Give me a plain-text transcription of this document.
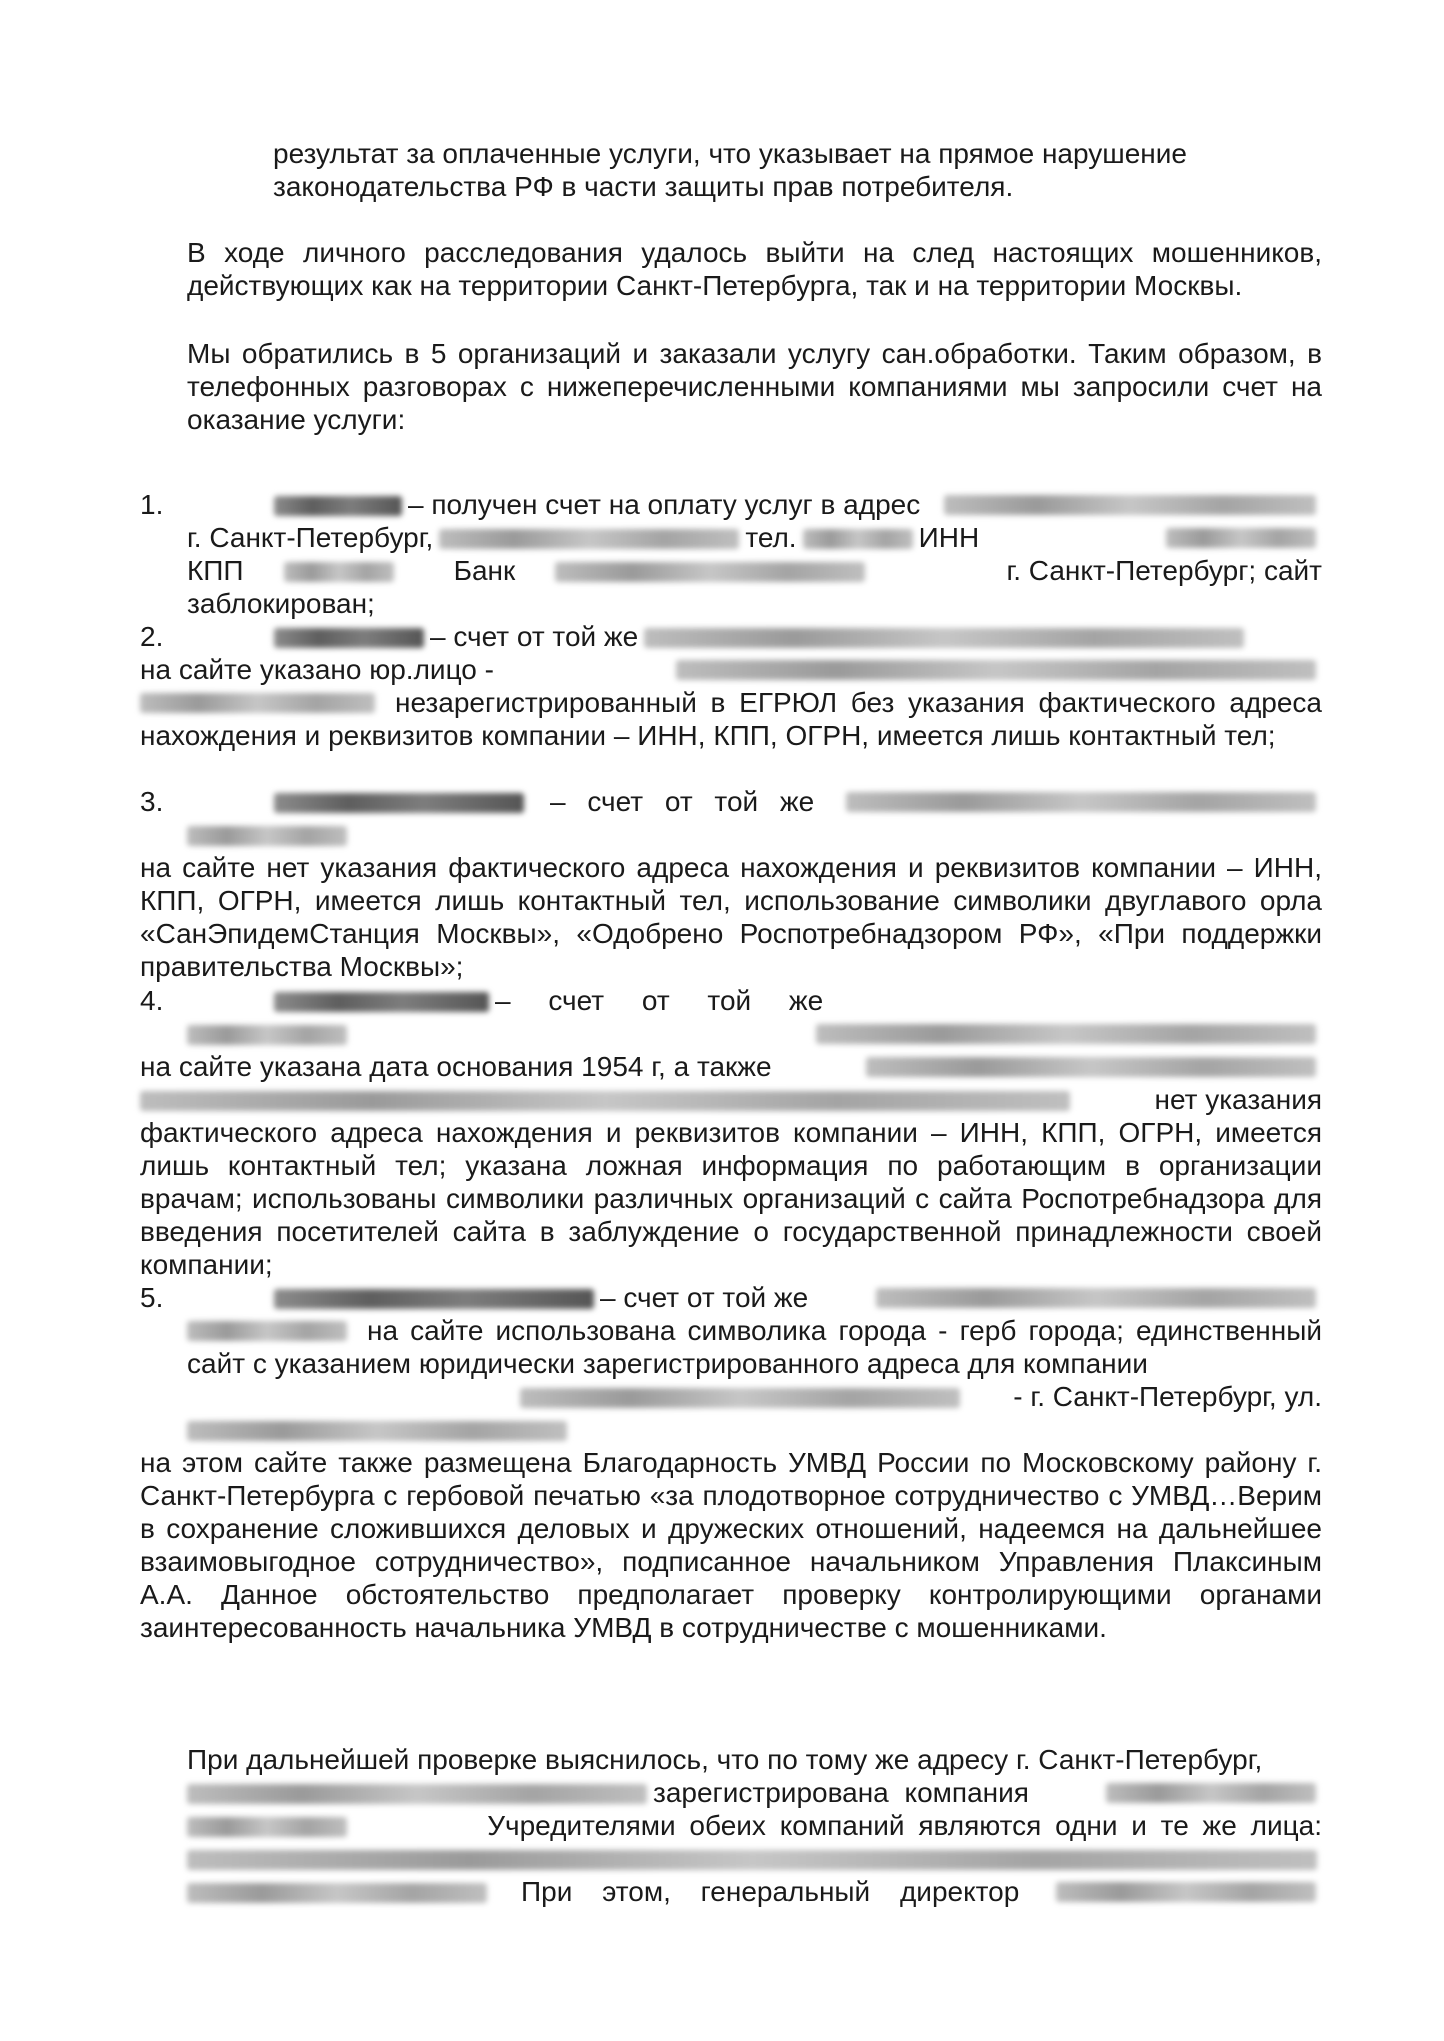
результат за оплаченные услуги, что указывает на прямое нарушение
законодательства РФ в части защиты прав потребителя.

В ходе личного расследования удалось выйти на след настоящих мошенников, действующих как на территории Санкт-Петербурга, так и на территории Москвы.

Мы обратились в 5 организаций и заказали услугу сан.обработки. Таким образом, в телефонных разговорах с нижеперечисленными компаниями мы запросили счет на оказание услуги:

1.	– получен счет на оплату услуг в адрес
г. Санкт-Петербург,	тел.	ИНН
КПП	Банк	г. Санкт-Петербург; сайт
заблокирован;
2.	– счет от той же
на сайте указано юр.лицо -

незарегистрированный в ЕГРЮЛ без указания фактического адреса нахождения и реквизитов компании – ИНН, КПП, ОГРН, имеется лишь контактный тел;

3.	– счет от той же

на сайте нет указания фактического адреса нахождения и реквизитов компании – ИНН, КПП, ОГРН, имеется лишь контактный тел, использование символики двуглавого орла «СанЭпидемСтанция Москвы», «Одобрено Роспотребнадзором РФ», «При поддержки правительства Москвы»;

4.	– счет от той же
на сайте указана дата основания 1954 г, а также
нет указания

фактического адреса нахождения и реквизитов компании – ИНН, КПП, ОГРН, имеется лишь контактный тел; указана ложная информация по работающим в организации врачам; использованы символики различных организаций с сайта Роспотребнадзора для введения посетителей сайта в заблуждение о государственной принадлежности своей компании;

5.	– счет от той же

на сайте использована символика города - герб города; единственный сайт с указанием юридически зарегистрированного адреса для компании

- г. Санкт-Петербург, ул.

на этом сайте также размещена Благодарность УМВД России по Московскому району г. Санкт-Петербурга с гербовой печатью «за плодотворное сотрудничество с УМВД…Верим в сохранение сложившихся деловых и дружеских отношений, надеемся на дальнейшее взаимовыгодное сотрудничество», подписанное начальником Управления Плаксиным А.А. Данное обстоятельство предполагает проверку контролирующими органами заинтересованность начальника УМВД в сотрудничестве с мошенниками.

При дальнейшей проверке выяснилось, что по тому же адресу г. Санкт-Петербург,
зарегистрирована компания
Учредителями обеих компаний являются одни и те же лица:
При этом, генеральный директор
